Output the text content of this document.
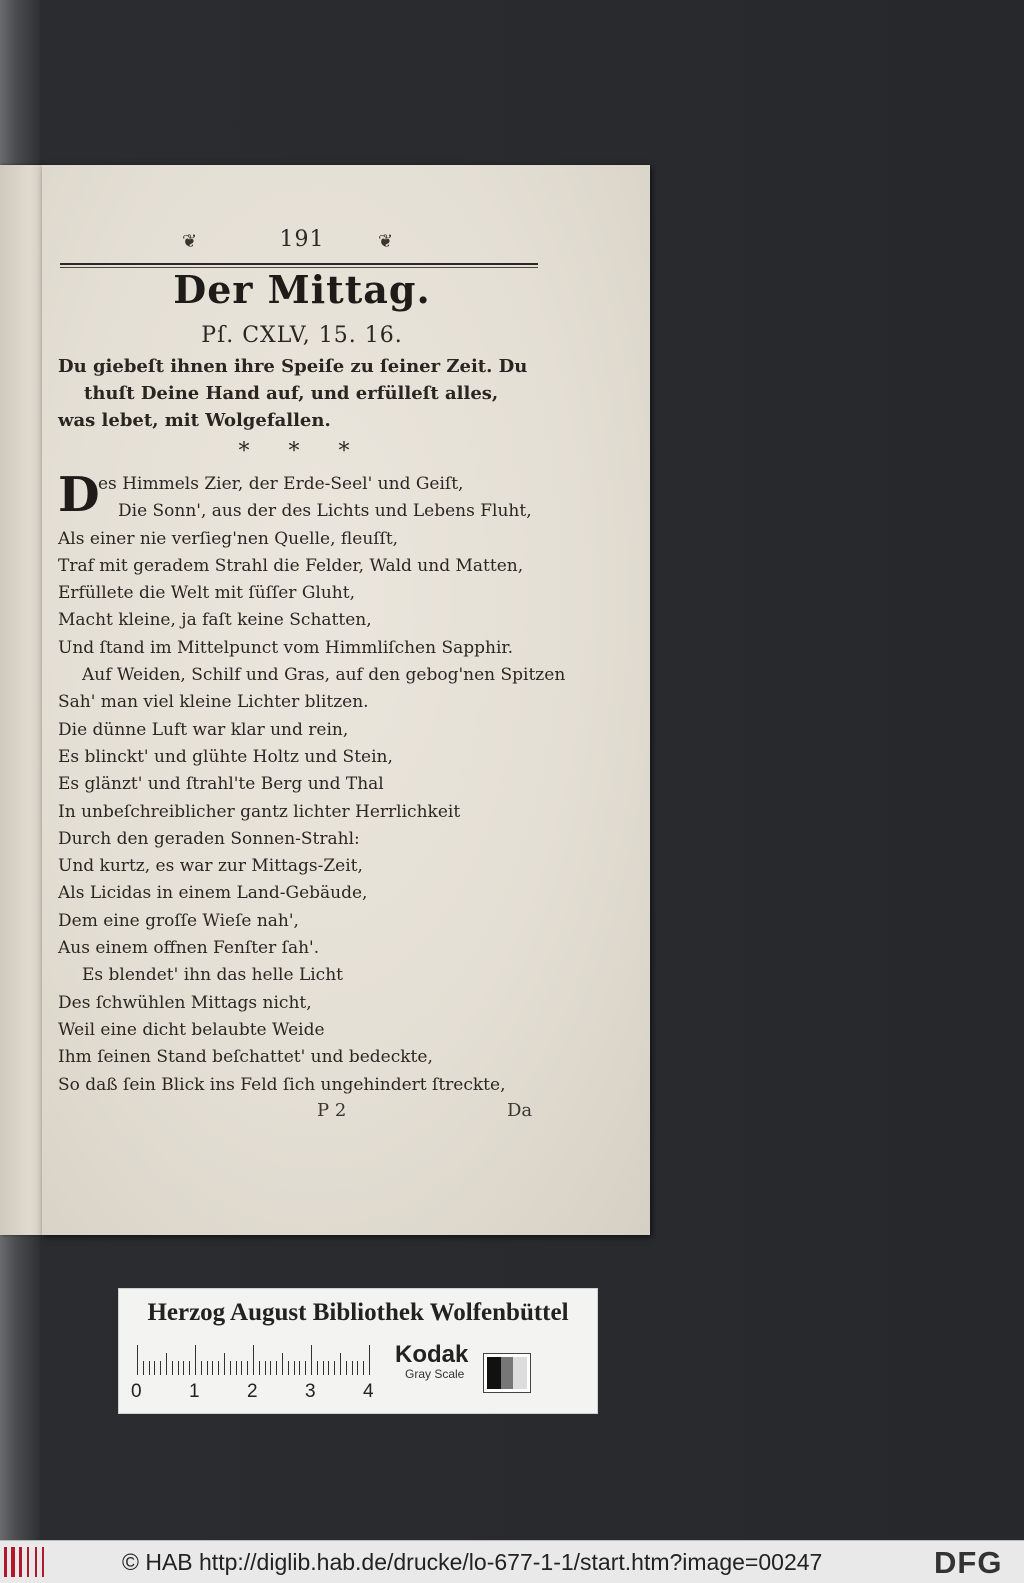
❦	191	❦
Der Mittag.
Pſ. CXLV, 15. 16.
Du giebeſt ihnen ihre Speiſe zu ſeiner Zeit. Du
thuſt Deine Hand auf, und erfülleſt alles,
was lebet, mit Wolgefallen.
* * *
D
es Himmels Zier, der Erde-Seel' und Geiſt,
Die Sonn', aus der des Lichts und Lebens Fluht,
Als einer nie verſieg'nen Quelle, fleuſſt,
Traf mit geradem Strahl die Felder, Wald und Matten,
Erfüllete die Welt mit ſüſſer Gluht,
Macht kleine, ja faſt keine Schatten,
Und ſtand im Mittelpunct vom Himmliſchen Sapphir.
Auf Weiden, Schilf und Gras, auf den gebog'nen Spitzen
Sah' man viel kleine Lichter blitzen.
Die dünne Luft war klar und rein,
Es blinckt' und glühte Holtz und Stein,
Es glänzt' und ſtrahl'te Berg und Thal
In unbeſchreiblicher gantz lichter Herrlichkeit
Durch den geraden Sonnen-Strahl:
Und kurtz, es war zur Mittags-Zeit,
Als Licidas in einem Land-Gebäude,
Dem eine groſſe Wieſe nah',
Aus einem offnen Fenſter ſah'.
Es blendet' ihn das helle Licht
Des ſchwühlen Mittags nicht,
Weil eine dicht belaubte Weide
Ihm ſeinen Stand beſchattet' und bedeckte,
So daß ſein Blick ins Feld ſich ungehindert ſtreckte,
P 2	Da
Herzog August Bibliothek Wolfenbüttel
0 1 2 3 4
Kodak
Gray Scale
© HAB http://diglib.hab.de/drucke/lo-677-1-1/start.htm?image=00247	DFG
